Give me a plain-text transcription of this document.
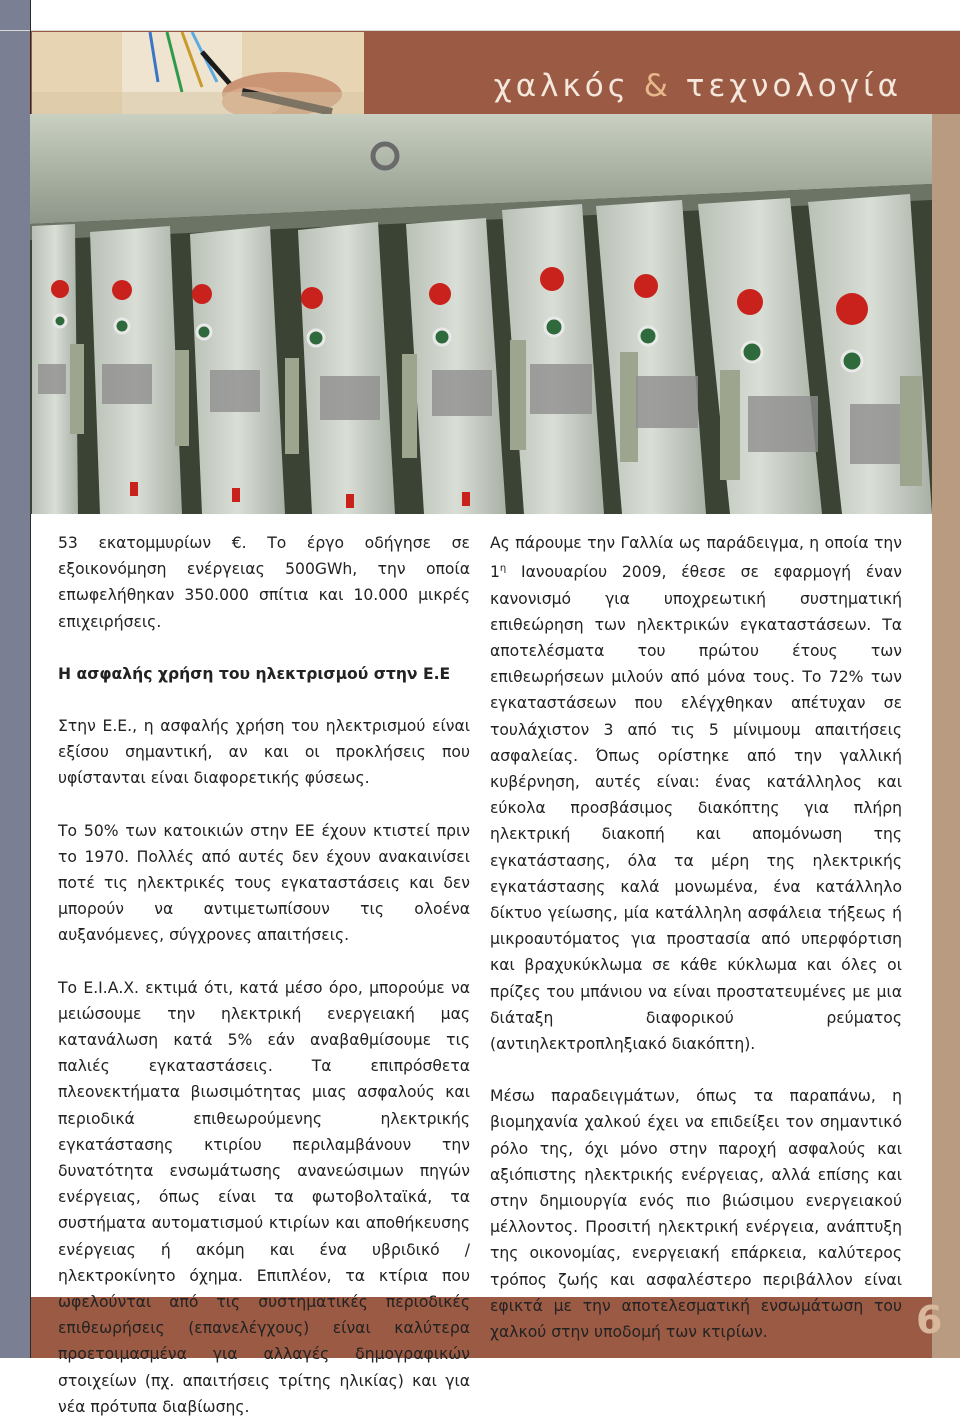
χαλκός & τεχνολογία

53 εκατομμυρίων €. Το έργο οδήγησε σε εξοικονόμηση ενέργειας 500GWh, την οποία επωφελήθηκαν 350.000 σπίτια και 10.000 μικρές επιχειρήσεις.

Η ασφαλής χρήση του ηλεκτρισμού στην Ε.Ε

Στην Ε.Ε., η ασφαλής χρήση του ηλεκτρισμού είναι εξίσου σημαντική, αν και οι προκλήσεις που υφίστανται είναι διαφορετικής φύσεως.

Το 50% των κατοικιών στην ΕΕ έχουν κτιστεί πριν το 1970. Πολλές από αυτές δεν έχουν ανακαινίσει ποτέ τις ηλεκτρικές τους εγκαταστάσεις και δεν μπορούν να αντιμετωπίσουν τις ολοένα αυξανόμενες, σύγχρονες απαιτήσεις.

Το Ε.Ι.Α.Χ. εκτιμά ότι, κατά μέσο όρο, μπορούμε να μειώσουμε την ηλεκτρική ενεργειακή μας κατανάλωση κατά 5% εάν αναβαθμίσουμε τις παλιές εγκαταστάσεις. Τα επιπρόσθετα πλεονεκτήματα βιωσιμότητας μιας ασφαλούς και περιοδικά επιθεωρούμενης ηλεκτρικής εγκατάστασης κτιρίου περιλαμβάνουν την δυνατότητα ενσωμάτωσης ανανεώσιμων πηγών ενέργειας, όπως είναι τα φωτοβολταϊκά, τα συστήματα αυτοματισμού κτιρίων και αποθήκευσης ενέργειας ή ακόμη και ένα υβριδικό / ηλεκτροκίνητο όχημα. Επιπλέον, τα κτίρια που ωφελούνται από τις συστηματικές περιοδικές επιθεωρήσεις (επανελέγχους) είναι καλύτερα προετοιμασμένα για αλλαγές δημογραφικών στοιχείων (πχ. απαιτήσεις τρίτης ηλικίας) και για νέα πρότυπα διαβίωσης.

Ας πάρουμε την Γαλλία ως παράδειγμα, η οποία την $1^\eta$ Ιανουαρίου 2009, έθεσε σε εφαρμογή έναν κανονισμό για υποχρεωτική συστηματική επιθεώρηση των ηλεκτρικών εγκαταστάσεων. Τα αποτελέσματα του πρώτου έτους των επιθεωρήσεων μιλούν από μόνα τους. Το 72% των εγκαταστάσεων που ελέγχθηκαν απέτυχαν σε τουλάχιστον 3 από τις 5 μίνιμουμ απαιτήσεις ασφαλείας. Όπως ορίστηκε από την γαλλική κυβέρνηση, αυτές είναι: ένας κατάλληλος και εύκολα προσβάσιμος διακόπτης για πλήρη ηλεκτρική διακοπή και απομόνωση της εγκατάστασης, όλα τα μέρη της ηλεκτρικής εγκατάστασης καλά μονωμένα, ένα κατάλληλο δίκτυο γείωσης, μία κατάλληλη ασφάλεια τήξεως ή μικροαυτόματος για προστασία από υπερφόρτιση και βραχυκύκλωμα σε κάθε κύκλωμα και όλες οι πρίζες του μπάνιου να είναι προστατευμένες με μια διάταξη διαφορικού ρεύματος (αντιηλεκτροπληξιακό διακόπτη).

Μέσω παραδειγμάτων, όπως τα παραπάνω, η βιομηχανία χαλκού έχει να επιδείξει τον σημαντικό ρόλο της, όχι μόνο στην παροχή ασφαλούς και αξιόπιστης ηλεκτρικής ενέργειας, αλλά επίσης και στην δημιουργία ενός πιο βιώσιμου ενεργειακού μέλλοντος. Προσιτή ηλεκτρική ενέργεια, ανάπτυξη της οικονομίας, ενεργειακή επάρκεια, καλύτερος τρόπος ζωής και ασφαλέστερο περιβάλλον είναι εφικτά με την αποτελεσματική ενσωμάτωση του χαλκού στην υποδομή των κτιρίων.	6
